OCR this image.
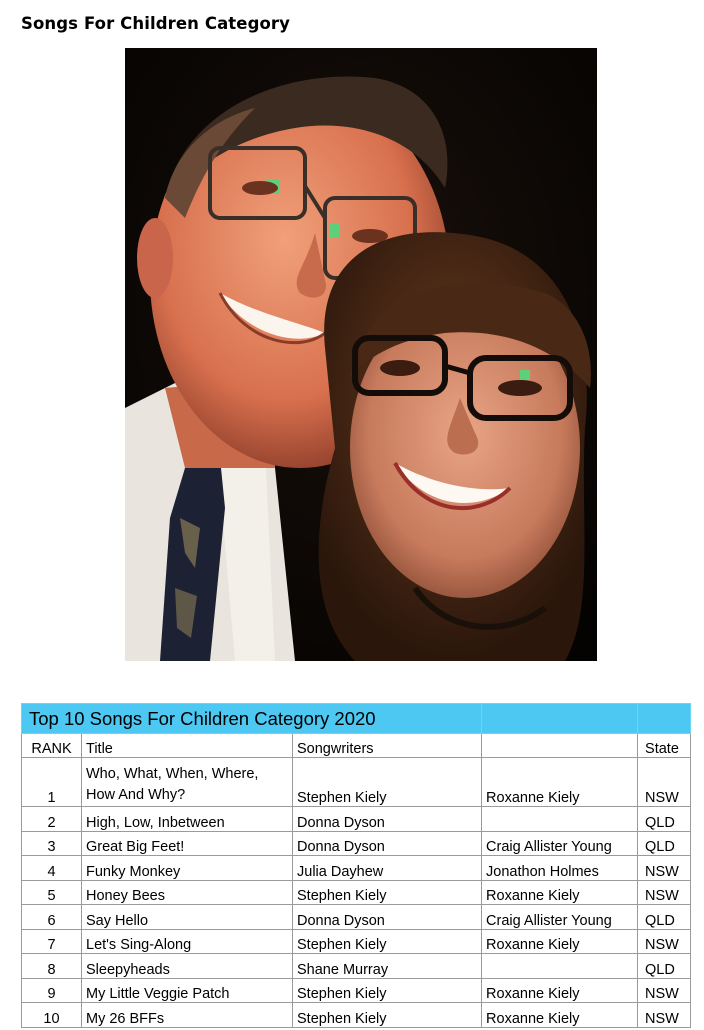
Songs For Children Category
Top 10 Songs For Children Category 2020				
RANK	Title	Songwriters		State
1	Who, What, When, Where, How And Why?	Stephen Kiely	Roxanne Kiely	NSW
2	High, Low, Inbetween	Donna Dyson		QLD
3	Great Big Feet!	Donna Dyson	Craig Allister Young	QLD
4	Funky Monkey	Julia Dayhew	Jonathon Holmes	NSW
5	Honey Bees	Stephen Kiely	Roxanne Kiely	NSW
6	Say Hello	Donna Dyson	Craig Allister Young	QLD
7	Let's Sing-Along	Stephen Kiely	Roxanne Kiely	NSW
8	Sleepyheads	Shane Murray		QLD
9	My Little Veggie Patch	Stephen Kiely	Roxanne Kiely	NSW
10	My 26 BFFs	Stephen Kiely	Roxanne Kiely	NSW
